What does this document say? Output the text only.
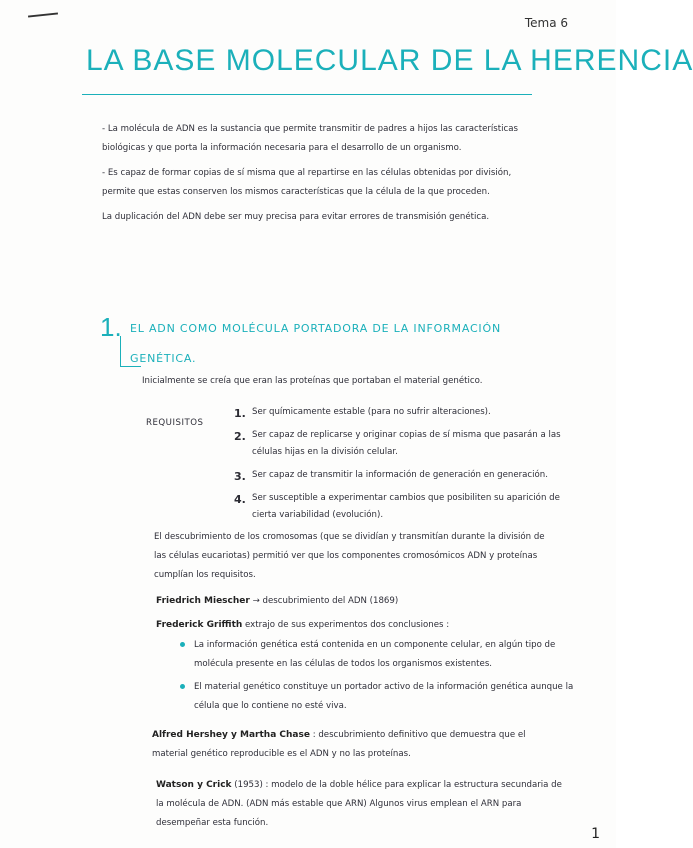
Tema 6
LA BASE MOLECULAR DE LA HERENCIA

- La molécula de ADN es la sustancia que permite transmitir de padres a hijos las características biológicas y que porta la información necesaria para el desarrollo de un organismo.

- Es capaz de formar copias de sí misma que al repartirse en las células obtenidas por división, permite que estas conserven los mismos características que la célula de la que proceden.

La duplicación del ADN debe ser muy precisa para evitar errores de transmisión genética.

1. EL ADN COMO MOLÉCULA PORTADORA DE LA INFORMACIÓN GENÉTICA.
Inicialmente se creía que eran las proteínas que portaban el material genético.
REQUISITOS
1. Ser químicamente estable (para no sufrir alteraciones).
2. Ser capaz de replicarse y originar copias de sí misma que pasarán a las células hijas en la división celular.
3. Ser capaz de transmitir la información de generación en generación.
4. Ser susceptible a experimentar cambios que posibiliten su aparición de cierta variabilidad (evolución).
El descubrimiento de los cromosomas (que se dividían y transmitían durante la división de las células eucariotas) permitió ver que los componentes cromosómicos ADN y proteínas cumplían los requisitos.
Friedrich Miescher → descubrimiento del ADN (1869)
Frederick Griffith extrajo de sus experimentos dos conclusiones :
La información genética está contenida en un componente celular, en algún tipo de molécula presente en las células de todos los organismos existentes.
El material genético constituye un portador activo de la información genética aunque la célula que lo contiene no esté viva.
Alfred Hershey y Martha Chase : descubrimiento definitivo que demuestra que el material genético reproducible es el ADN y no las proteínas.
Watson y Crick (1953) : modelo de la doble hélice para explicar la estructura secundaria de la molécula de ADN. (ADN más estable que ARN) Algunos virus emplean el ARN para desempeñar esta función.
1
